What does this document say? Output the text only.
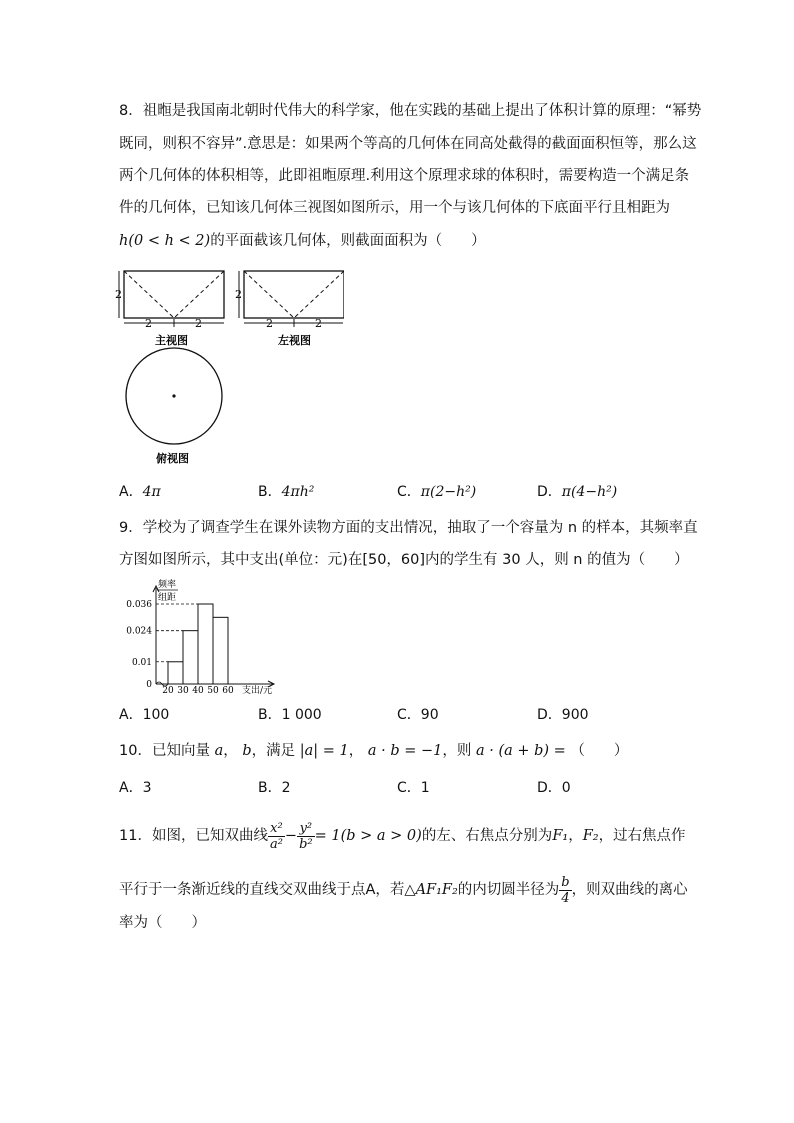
8．祖暅是我国南北朝时代伟大的科学家，他在实践的基础上提出了体积计算的原理：“幂势
既同，则积不容异”.意思是：如果两个等高的几何体在同高处截得的截面面积恒等，那么这
两个几何体的体积相等，此即祖暅原理.利用这个原理求球的体积时，需要构造一个满足条
件的几何体，已知该几何体三视图如图所示，用一个与该几何体的下底面平行且相距为
h(0 < h < 2)的平面截该几何体，则截面面积为（　　）
2
2	2
主视图
2
2	2
左视图
俯视图
A．4π	B．4πh²	C．π(2−h²)	D．π(4−h²)
9．学校为了调查学生在课外读物方面的支出情况，抽取了一个容量为 n 的样本，其频率直
方图如图所示，其中支出(单位：元)在[50，60]内的学生有 30 人，则 n 的值为（　　）
频率
组距
0.036
0.024
0.01
0
20 30 40 50 60 支出/元
A．100	B．1 000	C．90	D．900
10．已知向量 a， b，满足 |a| = 1， a · b = −1，则 a · (a + b) = （　　）
A．3	B．2	C．1	D．0
11．如图，已知双曲线 $\frac{\text{x²}}{\text{a²}} - \frac{\text{y²}}{\text{b²}} = 1(b > a > 0)$的左、右焦点分别为F₁，F₂，过右焦点作
平行于一条渐近线的直线交双曲线于点A，若△AF₁F₂的内切圆半径为 $\frac{b}{4}$ ，则双曲线的离心
率为（　　）
